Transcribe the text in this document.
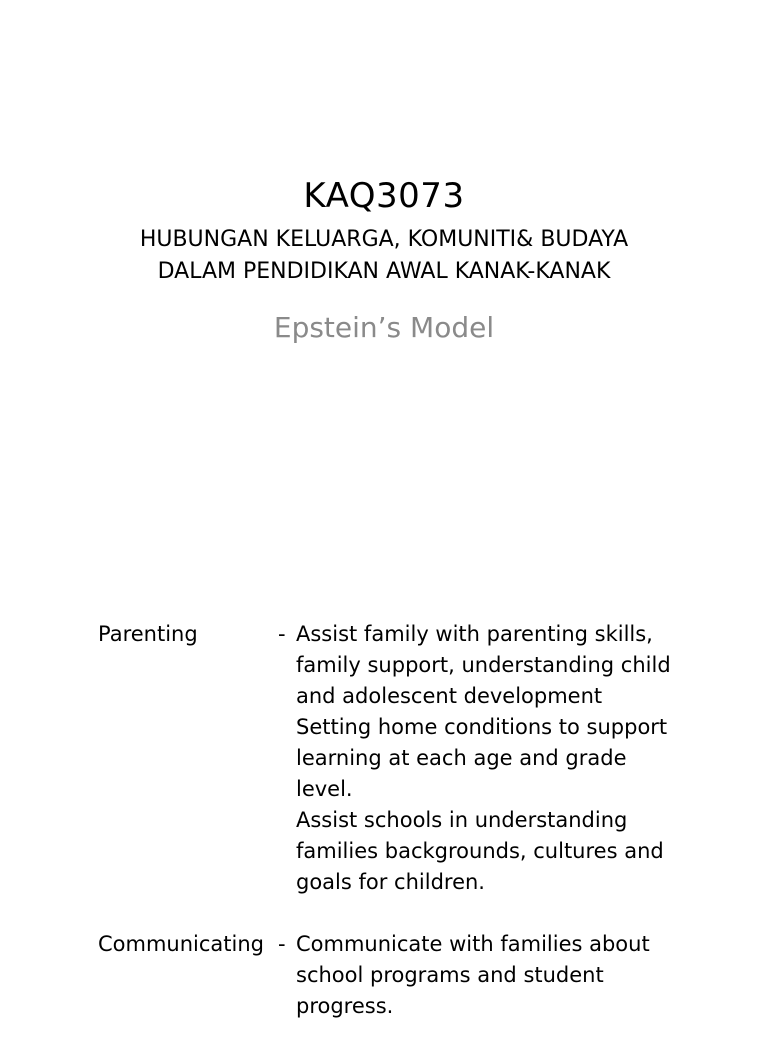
KAQ3073
HUBUNGAN KELUARGA, KOMUNITI& BUDAYA
DALAM PENDIDIKAN AWAL KANAK-KANAK
Epstein’s Model
Parenting	- Assist family with parenting skills,
family support, understanding child
and adolescent development
Setting home conditions to support
learning at each age and grade
level.
Assist schools in understanding
families backgrounds, cultures and
goals for children.
Communicating - Communicate with families about
school programs and student
progress.
